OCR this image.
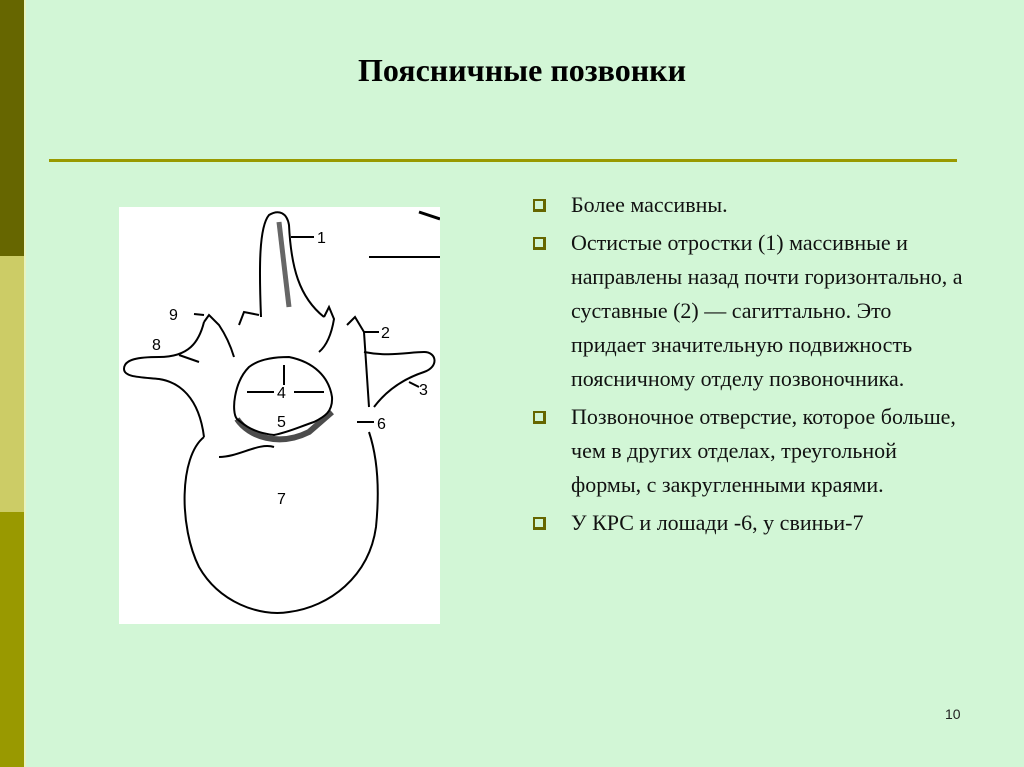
Поясничные позвонки
1
2
3
4
5	6
7
8
9
Более массивны.
Остистые отростки (1) массивные и направлены назад почти горизонтально, а суставные (2) — сагиттально. Это придает значительную подвижность поясничному отделу позвоночника.
Позвоночное отверстие, которое больше, чем в других отделах, треугольной формы, с закругленными краями.
У КРС и лошади -6, у свиньи-7
10
